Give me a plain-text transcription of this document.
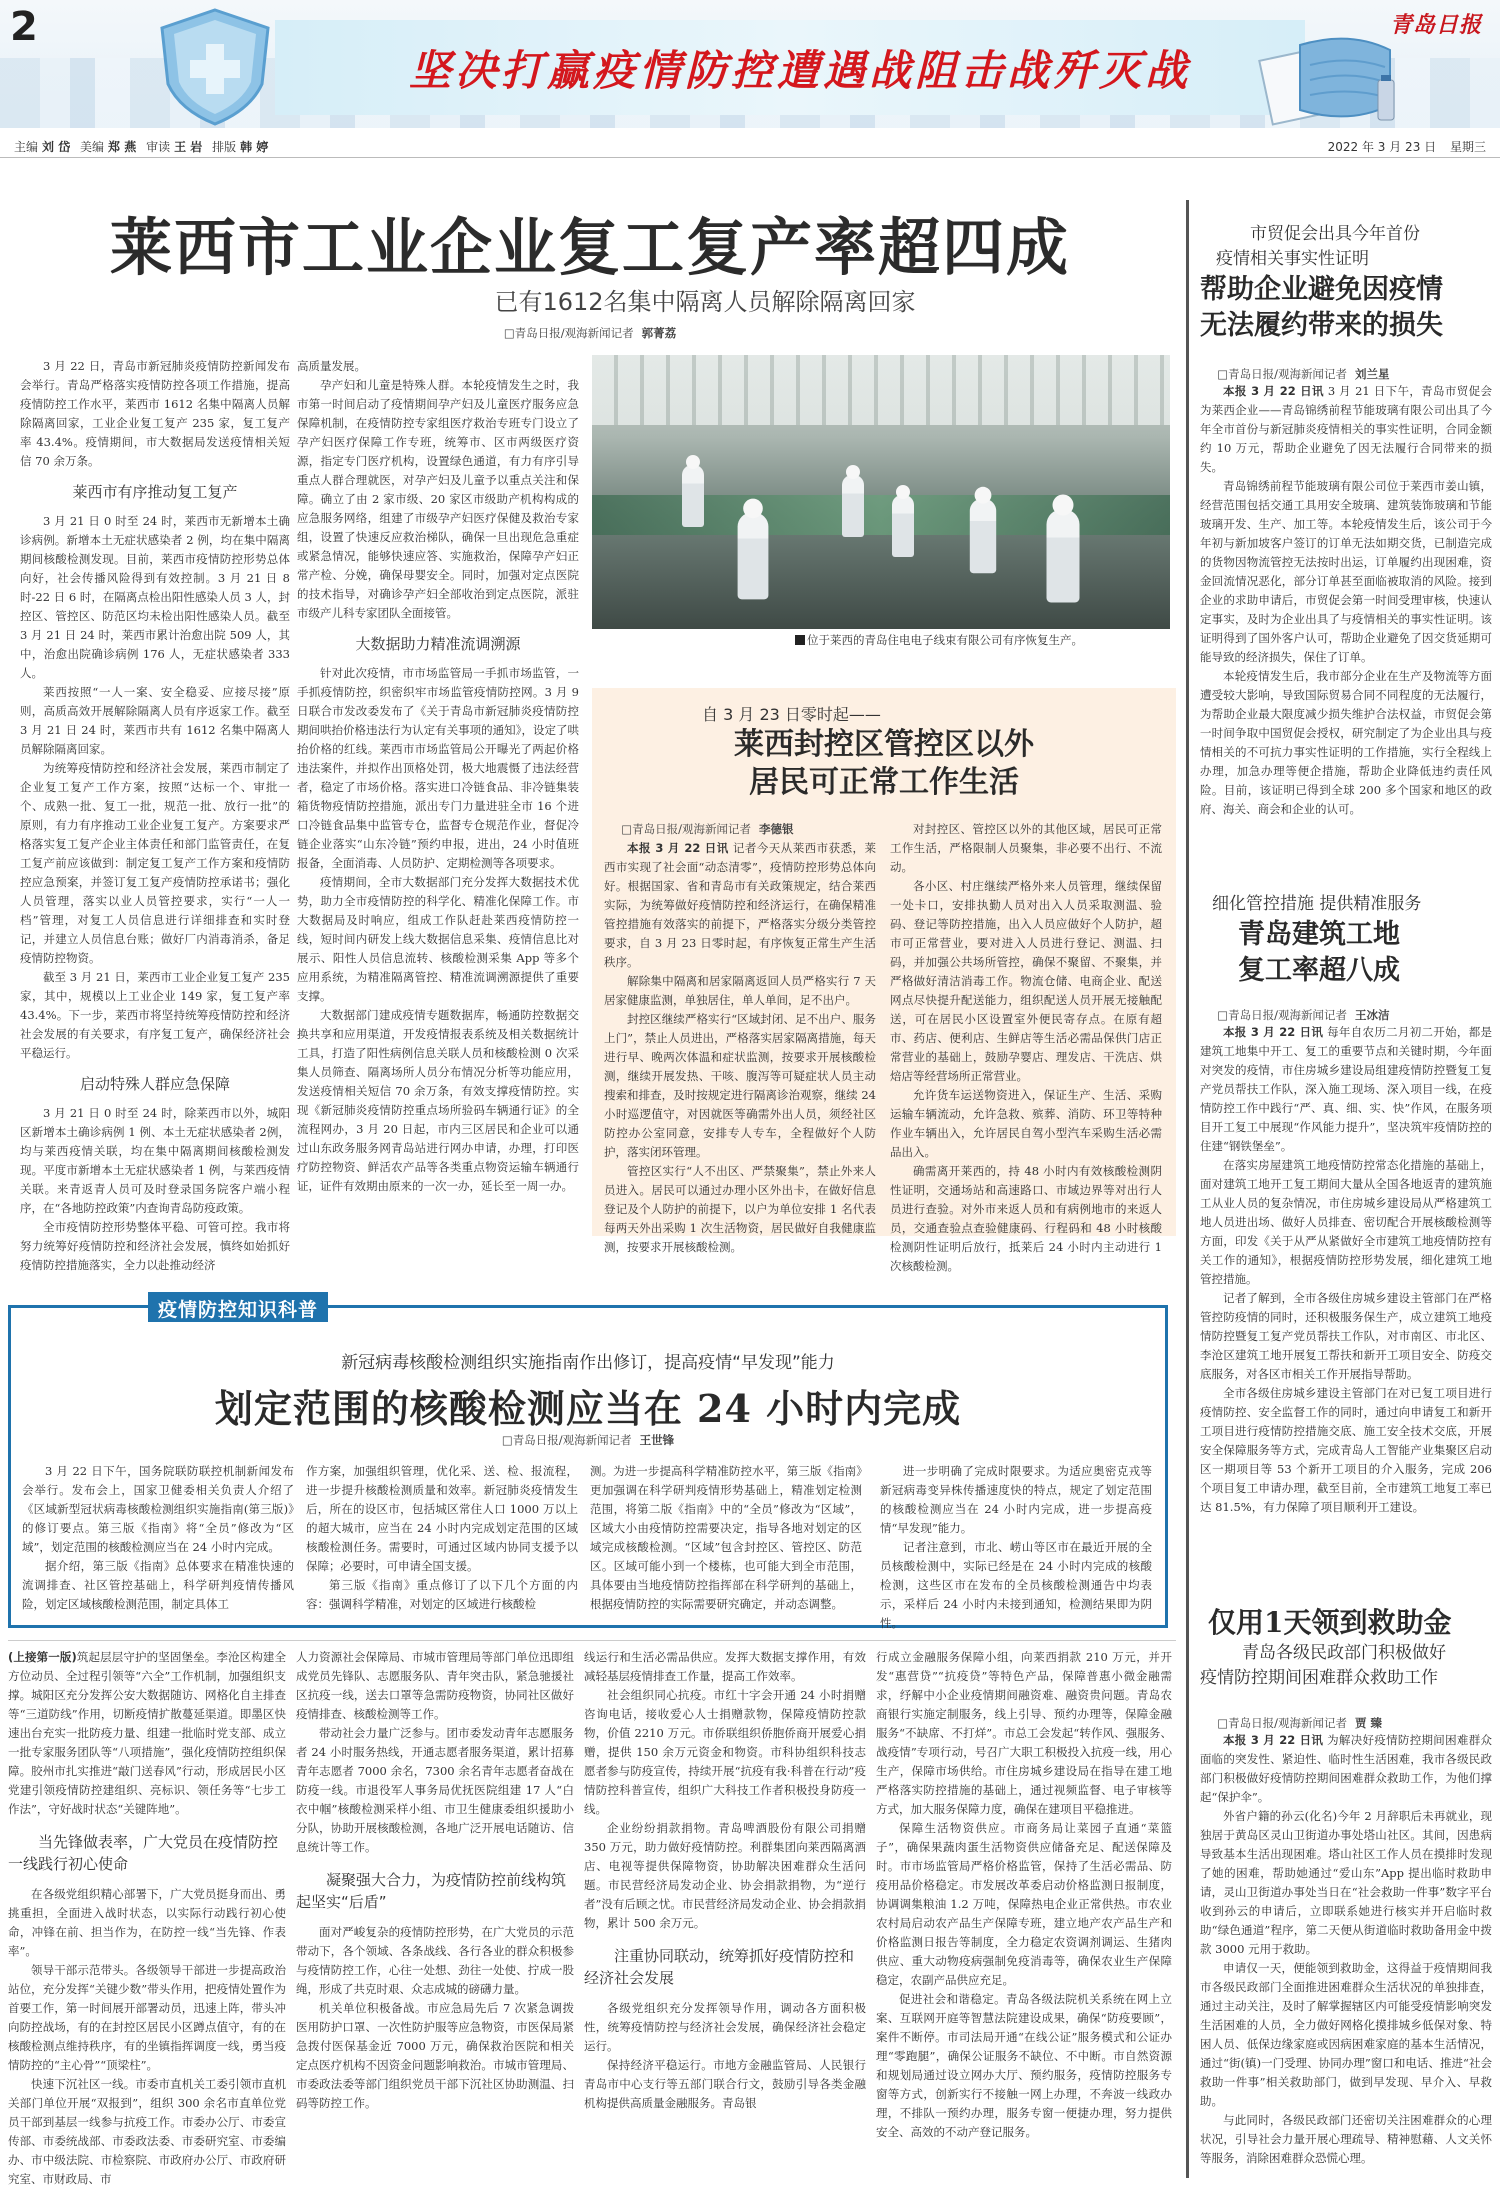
2
坚决打赢疫情防控遭遇战阻击战歼灭战
青岛日报
主编 刘 岱 美编 郑 燕 审读 王 岩 排版 韩 婷	2022 年 3 月 23 日 星期三
莱西市工业企业复工复产率超四成
已有1612名集中隔离人员解除隔离回家
□青岛日报/观海新闻记者 郭菁荔

3 月 22 日，青岛市新冠肺炎疫情防控新闻发布会举行。青岛严格落实疫情防控各项工作措施，提高疫情防控工作水平，莱西市 1612 名集中隔离人员解除隔离回家，工业企业复工复产 235 家，复工复产率 43.4%。疫情期间，市大数据局发送疫情相关短信 70 余万条。

莱西市有序推动复工复产

3 月 21 日 0 时至 24 时，莱西市无新增本土确诊病例。新增本土无症状感染者 2 例，均在集中隔离期间核酸检测发现。目前，莱西市疫情防控形势总体向好，社会传播风险得到有效控制。3 月 21 日 8 时-22 日 6 时，在隔离点检出阳性感染人员 3 人，封控区、管控区、防范区均未检出阳性感染人员。截至 3 月 21 日 24 时，莱西市累计治愈出院 509 人，其中，治愈出院确诊病例 176 人，无症状感染者 333 人。

莱西按照“一人一案、安全稳妥、应接尽接”原则，高质高效开展解除隔离人员有序返家工作。截至 3 月 21 日 24 时，莱西市共有 1612 名集中隔离人员解除隔离回家。

为统筹疫情防控和经济社会发展，莱西市制定了企业复工复产工作方案，按照“达标一个、审批一个、成熟一批、复工一批，规范一批、放行一批”的原则，有力有序推动工业企业复工复产。方案要求严格落实复工复产企业主体责任和部门监管责任，在复工复产前应该做到：制定复工复产工作方案和疫情防控应急预案，并签订复工复产疫情防控承诺书；强化人员管理，落实以业人员管控要求，实行“一人一档”管理，对复工人员信息进行详细排查和实时登记，并建立人员信息台账；做好厂内消毒消杀，备足疫情防控物资。

截至 3 月 21 日，莱西市工业企业复工复产 235 家，其中，规模以上工业企业 149 家，复工复产率 43.4%。下一步，莱西市将坚持统筹疫情防控和经济社会发展的有关要求，有序复工复产，确保经济社会平稳运行。

启动特殊人群应急保障

3 月 21 日 0 时至 24 时，除莱西市以外，城阳区新增本土确诊病例 1 例、本土无症状感染者 2例，均与莱西疫情关联，均在集中隔离期间核酸检测发现。平度市新增本土无症状感染者 1 例，与莱西疫情关联。来青返青人员可及时登录国务院客户端小程序，在“各地防控政策”内查询青岛防疫政策。

全市疫情防控形势整体平稳、可管可控。我市将努力统筹好疫情防控和经济社会发展，慎终如始抓好疫情防控措施落实，全力以赴推动经济

高质量发展。

孕产妇和儿童是特殊人群。本轮疫情发生之时，我市第一时间启动了疫情期间孕产妇及儿童医疗服务应急保障机制，在疫情防控专家组医疗救治专班专门设立了孕产妇医疗保障工作专班，统筹市、区市两级医疗资源，指定专门医疗机构，设置绿色通道，有力有序引导重点人群合理就医，对孕产妇及儿童予以重点关注和保障。确立了由 2 家市级、20 家区市级助产机构构成的应急服务网络，组建了市级孕产妇医疗保健及救治专家组，设置了快速反应救治梯队，确保一旦出现危急重症或紧急情况，能够快速应答、实施救治，保障孕产妇正常产检、分娩，确保母婴安全。同时，加强对定点医院的技术指导，对确诊孕产妇全部收治到定点医院，派驻市级产儿科专家团队全面接管。

大数据助力精准流调溯源

针对此次疫情，市市场监管局一手抓市场监管，一手抓疫情防控，织密织牢市场监管疫情防控网。3 月 9 日联合市发改委发布了《关于青岛市新冠肺炎疫情防控期间哄抬价格违法行为认定有关事项的通知》，设定了哄抬价格的红线。莱西市市场监管局公开曝光了两起价格违法案件，并拟作出顶格处罚，极大地震慑了违法经营者，稳定了市场价格。落实进口冷链食品、非冷链集装箱货物疫情防控措施，派出专门力量进驻全市 16 个进口冷链食品集中监管专仓，监督专仓规范作业，督促冷链企业落实“山东冷链”预约申报，进出，24 小时值班报备，全面消毒、人员防护、定期检测等各项要求。

疫情期间，全市大数据部门充分发挥大数据技术优势，助力全市疫情防控的科学化、精准化保障工作。市大数据局及时响应，组成工作队赶赴莱西疫情防控一线，短时间内研发上线大数据信息采集、疫情信息比对展示、阳性人员信息流转、核酸检测采集 App 等多个应用系统，为精准隔离管控、精准流调溯源提供了重要支撑。

大数据部门建成疫情专题数据库，畅通防控数据交换共享和应用渠道，开发疫情报表系统及相关数据统计工具，打造了阳性病例信息关联人员和核酸检测 0 次采集人员筛查、隔离场所人员分布情况分析等功能应用，发送疫情相关短信 70 余万条，有效支撑疫情防控。实现《新冠肺炎疫情防控重点场所验码车辆通行证》的全流程网办，3 月 20 日起，市内三区居民和企业可以通过山东政务服务网青岛站进行网办申请，办理，打印医疗防控物资、鲜活农产品等各类重点物资运输车辆通行证，证件有效期由原来的一次一办，延长至一周一办。

位于莱西的青岛住电电子线束有限公司有序恢复生产。
自 3 月 23 日零时起——
莱西封控区管控区以外
居民可正常工作生活
□青岛日报/观海新闻记者 李德银

本报 3 月 22 日讯 记者今天从莱西市获悉，莱西市实现了社会面“动态清零”，疫情防控形势总体向好。根据国家、省和青岛市有关政策规定，结合莱西实际，为统筹做好疫情防控和经济运行，在确保精准管控措施有效落实的前提下，严格落实分级分类管控要求，自 3 月 23 日零时起，有序恢复正常生产生活秩序。

解除集中隔离和居家隔离返回人员严格实行 7 天居家健康监测，单独居住，单人单间，足不出户。

封控区继续严格实行“区域封闭、足不出户、服务上门”，禁止人员进出，严格落实居家隔离措施，每天进行早、晚两次体温和症状监测，按要求开展核酸检测，继续开展发热、干咳、腹泻等可疑症状人员主动搜索和排查，及时按规定进行隔离诊治观察，继续 24 小时巡逻值守，对因就医等确需外出人员，须经社区防控办公室同意，安排专人专车，全程做好个人防护，落实闭环管理。

管控区实行“人不出区、严禁聚集”，禁止外来人员进入。居民可以通过办理小区外出卡，在做好信息登记及个人防护的前提下，以户为单位安排 1 名代表每两天外出采购 1 次生活物资，居民做好自我健康监测，按要求开展核酸检测。

对封控区、管控区以外的其他区域，居民可正常工作生活，严格限制人员聚集，非必要不出行、不流动。

各小区、村庄继续严格外来人员管理，继续保留一处卡口，安排执勤人员对出入人员采取测温、验码、登记等防控措施，出入人员应做好个人防护，超市可正常营业，要对进入人员进行登记、测温、扫码，并加强公共场所管控，确保不聚留、不聚集，并严格做好清洁消毒工作。物流仓储、电商企业、配送网点尽快提升配送能力，组织配送人员开展无接触配送，可在居民小区设置室外便民寄存点。在原有超市、药店、便利店、生鲜店等生活必需品保供门店正常营业的基础上，鼓励孕婴店、理发店、干洗店、烘焙店等经营场所正常营业。

允许货车运送物资进入，保证生产、生活、采购运输车辆流动，允许急救、殡葬、消防、环卫等特种作业车辆出入，允许居民自驾小型汽车采购生活必需品出入。

确需离开莱西的，持 48 小时内有效核酸检测阴性证明，交通场站和高速路口、市域边界等对出行人员进行查验。对外市来返人员和有病例地市的来返人员，交通查验点查验健康码、行程码和 48 小时核酸检测阴性证明后放行，抵莱后 24 小时内主动进行 1 次核酸检测。

疫情防控知识科普
新冠病毒核酸检测组织实施指南作出修订，提高疫情“早发现”能力
划定范围的核酸检测应当在 24 小时内完成
□青岛日报/观海新闻记者 王世锋

3 月 22 日下午，国务院联防联控机制新闻发布会举行。发布会上，国家卫健委相关负责人介绍了《区域新型冠状病毒核酸检测组织实施指南(第三版)》的修订要点。第三版《指南》将“全员”修改为“区域”，划定范围的核酸检测应当在 24 小时内完成。

据介绍，第三版《指南》总体要求在精准快速的流调排查、社区管控基础上，科学研判疫情传播风险，划定区域核酸检测范围，制定具体工

作方案，加强组织管理，优化采、送、检、报流程，进一步提升核酸检测质量和效率。新冠肺炎疫情发生后，所在的设区市，包括城区常住人口 1000 万以上的超大城市，应当在 24 小时内完成划定范围的区域核酸检测任务。需要时，可通过区域内协同支援予以保障；必要时，可申请全国支援。

第三版《指南》重点修订了以下几个方面的内容：强调科学精准，对划定的区域进行核酸检

测。为进一步提高科学精准防控水平，第三版《指南》更加强调在科学研判疫情形势基础上，精准划定检测范围，将第二版《指南》中的“全员”修改为“区域”，区域大小由疫情防控需要决定，指导各地对划定的区域完成核酸检测。“区域”包含封控区、管控区、防范区。区域可能小到一个楼栋，也可能大到全市范围，具体要由当地疫情防控指挥部在科学研判的基础上，根据疫情防控的实际需要研究确定，并动态调整。

进一步明确了完成时限要求。为适应奥密克戎等新冠病毒变异株传播速度快的特点，规定了划定范围的核酸检测应当在 24 小时内完成，进一步提高疫情“早发现”能力。

记者注意到，市北、崂山等区市在最近开展的全员核酸检测中，实际已经是在 24 小时内完成的核酸检测，这些区市在发布的全员核酸检测通告中均表示，采样后 24 小时内未接到通知，检测结果即为阴性。

(上接第一版)筑起层层守护的坚固堡垒。李沧区构建全方位动员、全过程引领等“六全”工作机制，加强组织支撑。城阳区充分发挥公安大数据随访、网格化自主排查等“三道防线”作用，切断疫情扩散蔓延渠道。即墨区快速出台充实一批防疫力量、组建一批临时党支部、成立一批专家服务团队等“八项措施”，强化疫情防控组织保障。胶州市扎实推进“敲门送春风”行动，形成居民小区党建引领疫情防控建组织、亮标识、领任务等“七步工作法”，守好战时状态“关键阵地”。
当先锋做表率，广大党员在疫情防控一线践行初心使命

在各级党组织精心部署下，广大党员挺身而出、勇挑重担，全面进入战时状态，以实际行动践行初心使命，冲锋在前、担当作为，在防控一线“当先锋、作表率”。

领导干部示范带头。各级领导干部进一步提高政治站位，充分发挥“关键少数”带头作用，把疫情处置作为首要工作，第一时间展开部署动员，迅速上阵，带头冲向防控战场，有的在封控区居民小区蹲点值守，有的在核酸检测点维持秩序，有的坐镇指挥调度一线，勇当疫情防控的“主心骨”“顶梁柱”。

快速下沉社区一线。市委市直机关工委引领市直机关部门单位开展“双报到”，组织 300 余名市直单位党员干部到基层一线参与抗疫工作。市委办公厅、市委宣传部、市委统战部、市委政法委、市委研究室、市委编办、市中级法院、市检察院、市政府办公厅、市政府研究室、市财政局、市

人力资源社会保障局、市城市管理局等部门单位迅即组成党员先锋队、志愿服务队、青年突击队，紧急驰援社区抗疫一线，送去口罩等急需防疫物资，协同社区做好疫情排查、核酸检测等工作。

带动社会力量广泛参与。团市委发动青年志愿服务者 24 小时服务热线，开通志愿者服务渠道，累计招募青年志愿者 7000 余名，7300 余名青年志愿者奋战在防疫一线。市退役军人事务局优抚医院组建 17 人“白衣中帼”核酸检测采样小组、市卫生健康委组织援助小分队，协助开展核酸检测，各地广泛开展电话随访、信息统计等工作。

凝聚强大合力，为疫情防控前线构筑起坚实“后盾”

面对严峻复杂的疫情防控形势，在广大党员的示范带动下，各个领域、各条战线、各行各业的群众积极参与疫情防控工作，心往一处想、劲往一处使、拧成一股绳，形成了共克时艰、众志成城的磅礴力量。

机关单位积极备战。市应急局先后 7 次紧急调拨医用防护口罩、一次性防护服等应急物资，市医保局紧急拨付医保基金近 7000 万元，确保救治医院和相关定点医疗机构不因资金问题影响救治。市城市管理局、市委政法委等部门组织党员干部下沉社区协助测温、扫码等防控工作。

线运行和生活必需品供应。发挥大数据支撑作用，有效减轻基层疫情排查工作量，提高工作效率。

社会组织同心抗疫。市红十字会开通 24 小时捐赠咨询电话，接收爱心人士捐赠款物，保障疫情防控款物，价值 2210 万元。市侨联组织侨胞侨商开展爱心捐赠，提供 150 余万元资金和物资。市科协组织科技志愿者参与防疫宣传，持续开展“抗疫有我·科普在行动”疫情防控科普宣传，组织广大科技工作者积极投身防疫一线。

企业纷纷捐款捐物。青岛啤酒股份有限公司捐赠 350 万元，助力做好疫情防控。利群集团向莱西隔离酒店、电视等提供保障物资，协助解决困难群众生活问题。市民营经济局发动企业、协会捐款捐物，为“逆行者”没有后顾之忧。市民营经济局发动企业、协会捐款捐物，累计 500 余万元。

注重协同联动，统筹抓好疫情防控和经济社会发展

各级党组织充分发挥领导作用，调动各方面积极性，统筹疫情防控与经济社会发展，确保经济社会稳定运行。

保持经济平稳运行。市地方金融监管局、人民银行青岛市中心支行等五部门联合行文，鼓励引导各类金融机构提供高质量金融服务。青岛银

行成立金融服务保障小组，向莱西捐款 210 万元，并开发“惠营贷”“抗疫贷”等特色产品，保障普惠小微金融需求，纾解中小企业疫情期间融资难、融资贵问题。青岛农商银行实施定制服务，线上引导、预约办理等，保障金融服务“不缺席、不打烊”。市总工会发起“转作风、强服务、战疫情”专项行动，号召广大职工积极投入抗疫一线，用心生产，保障市场供给。市住房城乡建设局在指导在建工地严格落实防控措施的基础上，通过视频监督、电子审核等方式，加大服务保障力度，确保在建项目平稳推进。

保障生活物资供应。市商务局让菜园子直通“菜篮子”，确保果蔬肉蛋生活物资供应储备充足、配送保障及时。市市场监管局严格价格监管，保持了生活必需品、防疫用品价格稳定。市发展改革委启动价格监测日报制度，协调调集粮油 1.2 万吨，保障热电企业正常供热。市农业农村局启动农产品生产保障专班，建立地产农产品生产和价格监测日报告等制度，全力稳定农资调剂调运、生猪肉供应、重大动物疫病强制免疫消毒等，确保农业生产保障稳定，农副产品供应充足。

促进社会和谐稳定。青岛各级法院机关系统在网上立案、互联网开庭等智慧法院建设成果，确保“防疫要顾”，案件不断停。市司法局开通“在线公证”服务模式和公证办理“零跑腿”，确保公证服务不缺位、不中断。市自然资源和规划局通过设立网办大厅、预约服务，疫情防控服务专窗等方式，创新实行不接触一网上办理，不奔波一线政办理，不排队一预约办理，服务专窗一便捷办理，努力提供安全、高效的不动产登记服务。

市贸促会出具今年首份
疫情相关事实性证明
帮助企业避免因疫情
无法履约带来的损失
□青岛日报/观海新闻记者 刘兰星

本报 3 月 22 日讯 3 月 21 日下午，青岛市贸促会为莱西企业——青岛锦绣前程节能玻璃有限公司出具了今年全市首份与新冠肺炎疫情相关的事实性证明，合同金额约 10 万元，帮助企业避免了因无法履行合同带来的损失。

青岛锦绣前程节能玻璃有限公司位于莱西市姜山镇，经营范围包括交通工具用安全玻璃、建筑装饰玻璃和节能玻璃开发、生产、加工等。本轮疫情发生后，该公司于今年初与新加坡客户签订的订单无法如期交货，已制造完成的货物因物流管控无法按时出运，订单履约出现困难，资金回流情况恶化，部分订单甚至面临被取消的风险。接到企业的求助申请后，市贸促会第一时间受理审核，快速认定事实，及时为企业出具了与疫情相关的事实性证明。该证明得到了国外客户认可，帮助企业避免了因交货延期可能导致的经济损失，保住了订单。

本轮疫情发生后，我市部分企业在生产及物流等方面遭受较大影响，导致国际贸易合同不同程度的无法履行，为帮助企业最大限度减少损失维护合法权益，市贸促会第一时间争取中国贸促会授权，研究制定了为企业出具与疫情相关的不可抗力事实性证明的工作措施，实行全程线上办理，加急办理等便企措施，帮助企业降低违约责任风险。目前，该证明已得到全球 200 多个国家和地区的政府、海关、商会和企业的认可。

细化管控措施 提供精准服务
青岛建筑工地
复工率超八成
□青岛日报/观海新闻记者 王冰洁

本报 3 月 22 日讯 每年自农历二月初二开始，都是建筑工地集中开工、复工的重要节点和关键时期，今年面对突发的疫情，市住房城乡建设局组建疫情防控暨复工复产党员帮扶工作队，深入施工现场、深入项目一线，在疫情防控工作中践行“严、真、细、实、快”作风，在服务项目开工复工中展现“作风能力提升”，坚决筑牢疫情防控的住建“钢铁堡垒”。

在落实房屋建筑工地疫情防控常态化措施的基础上，面对建筑工地开工复工期间大量从全国各地返青的建筑施工从业人员的复杂情况，市住房城乡建设局从严格建筑工地人员进出场、做好人员排查、密切配合开展核酸检测等方面，印发《关于从严从紧做好全市建筑工地疫情防控有关工作的通知》，根据疫情防控形势发展，细化建筑工地管控措施。

记者了解到，全市各级住房城乡建设主管部门在严格管控防疫情的同时，还积极服务保生产，成立建筑工地疫情防控暨复工复产党员帮扶工作队，对市南区、市北区、李沧区建筑工地开展复工帮扶和新开工项目安全、防疫交底服务，对各区市相关工作开展指导帮助。

全市各级住房城乡建设主管部门在对已复工项目进行疫情防控、安全监督工作的同时，通过向申请复工和新开工项目进行疫情防控措施交底、施工安全技术交底，开展安全保障服务等方式，完成青岛人工智能产业集聚区启动区一期项目等 53 个新开工项目的介入服务，完成 206 个项目复工申请办理，截至目前，全市建筑工地复工率已达 81.5%，有力保障了项目顺利开工建设。

仅用1天领到救助金
青岛各级民政部门积极做好
疫情防控期间困难群众救助工作
□青岛日报/观海新闻记者 贾 臻

本报 3 月 22 日讯 为解决好疫情防控期间困难群众面临的突发性、紧迫性、临时性生活困难，我市各级民政部门积极做好疫情防控期间困难群众救助工作，为他们撑起“保护伞”。

外省户籍的孙云(化名)今年 2 月辞职后未再就业，现独居于黄岛区灵山卫街道办事处塔山社区。其间，因患病导致基本生活出现困难。塔山社区工作人员在摸排时发现了她的困难，帮助她通过“爱山东”App 提出临时救助申请，灵山卫街道办事处当日在“社会救助一件事”数字平台收到孙云的申请后，立即联系她进行核实并开启临时救助“绿色通道”程序，第二天便从街道临时救助备用金中拨款 3000 元用于救助。

申请仅一天，便能领到救助金，这得益于疫情期间我市各级民政部门全面推进困难群众生活状况的单独排查，通过主动关注，及时了解掌握辖区内可能受疫情影响突发生活困难的人员，全力做好网格化摸排城乡低保对象、特困人员、低保边缘家庭或因病困难家庭的基本生活情况，通过“街(镇)一门受理、协同办理”窗口和电话、推进“社会救助一件事”相关救助部门，做到早发现、早介入、早救助。

与此同时，各级民政部门还密切关注困难群众的心理状况，引导社会力量开展心理疏导、精神慰藉、人文关怀等服务，消除困难群众恐慌心理。
